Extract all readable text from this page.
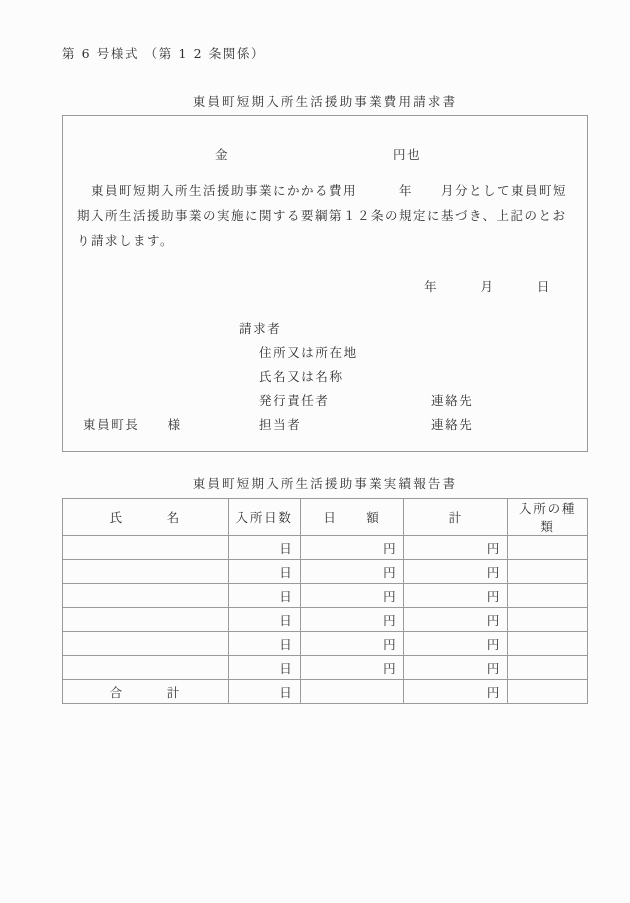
第 6 号様式 （第 1 2 条関係）
東員町短期入所生活援助事業費用請求書
金	円也
　東員町短期入所生活援助事業にかかる費用　　　年　　月分として東員町短
期入所生活援助事業の実施に関する要綱第１２条の規定に基づき、上記のとお
り請求します。
年　　　月　　　日
請求者
住所又は所在地
氏名又は名称
発行責任者	連絡先
東員町長　　様	担当者	連絡先
東員町短期入所生活援助事業実績報告書
氏　　　名	入所日数	日　　額	計	入所の種類
	日	円	円	
	日	円	円	
	日	円	円	
	日	円	円	
	日	円	円	
	日	円	円	
合　　　計	日		円	
